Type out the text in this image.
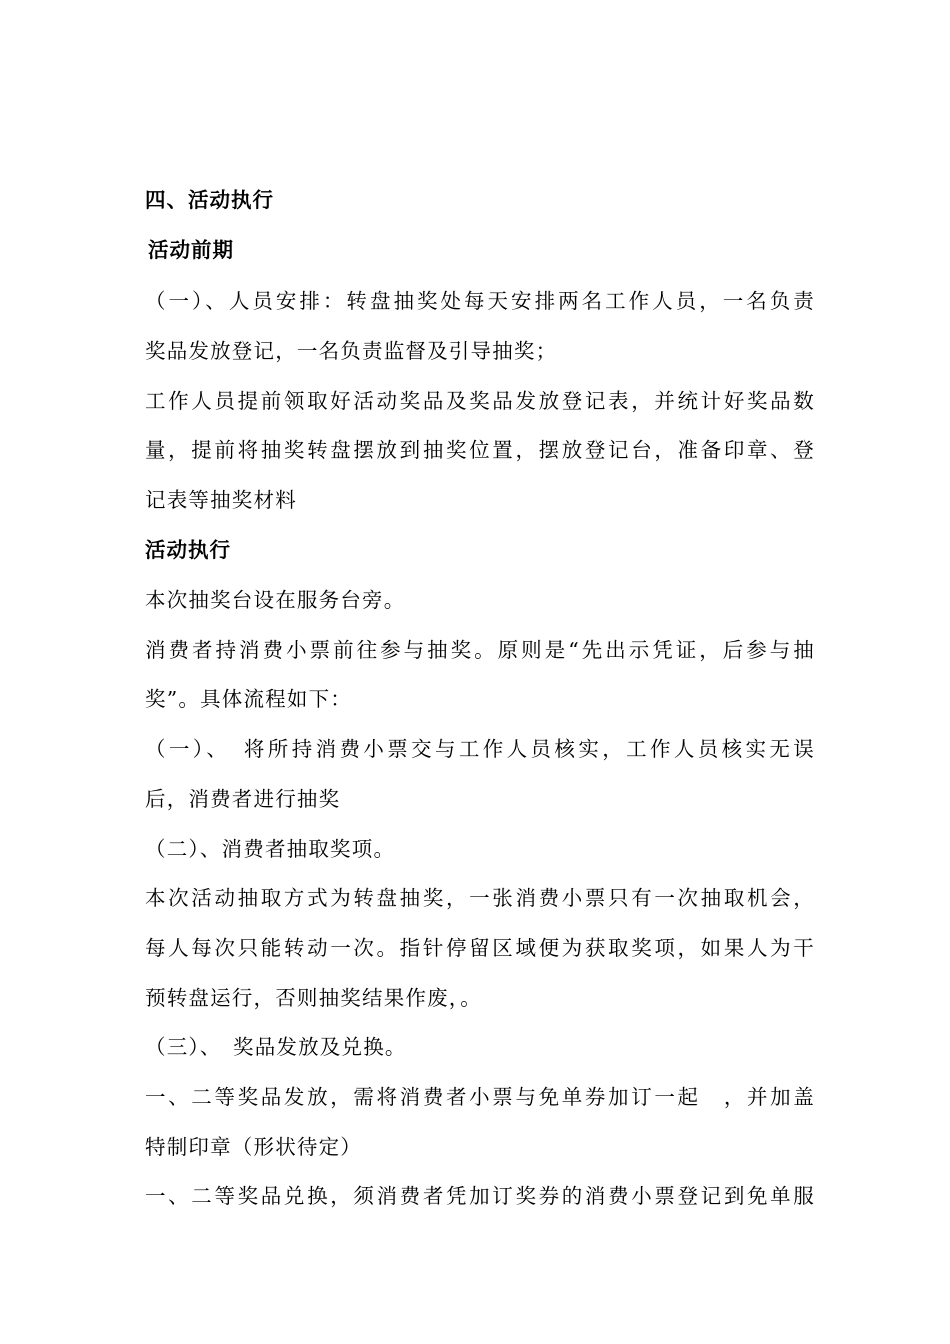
四、活动执行
活动前期
（一）、人员安排：转盘抽奖处每天安排两名工作人员，一名负责
奖品发放登记，一名负责监督及引导抽奖；
工作人员提前领取好活动奖品及奖品发放登记表，并统计好奖品数
量，提前将抽奖转盘摆放到抽奖位置，摆放登记台，准备印章、登
记表等抽奖材料
活动执行
本次抽奖台设在服务台旁。
消费者持消费小票前往参与抽奖。原则是“先出示凭证，后参与抽
奖”。具体流程如下：
（一）、　将所持消费小票交与工作人员核实，工作人员核实无误
后，消费者进行抽奖
（二）、消费者抽取奖项。
本次活动抽取方式为转盘抽奖，一张消费小票只有一次抽取机会，
每人每次只能转动一次。指针停留区域便为获取奖项，如果人为干
预转盘运行，否则抽奖结果作废，。
（三）、　奖品发放及兑换。
一、二等奖品发放，需将消费者小票与免单券加订一起　，并加盖
特制印章（形状待定）
一、二等奖品兑换，须消费者凭加订奖券的消费小票登记到免单服
